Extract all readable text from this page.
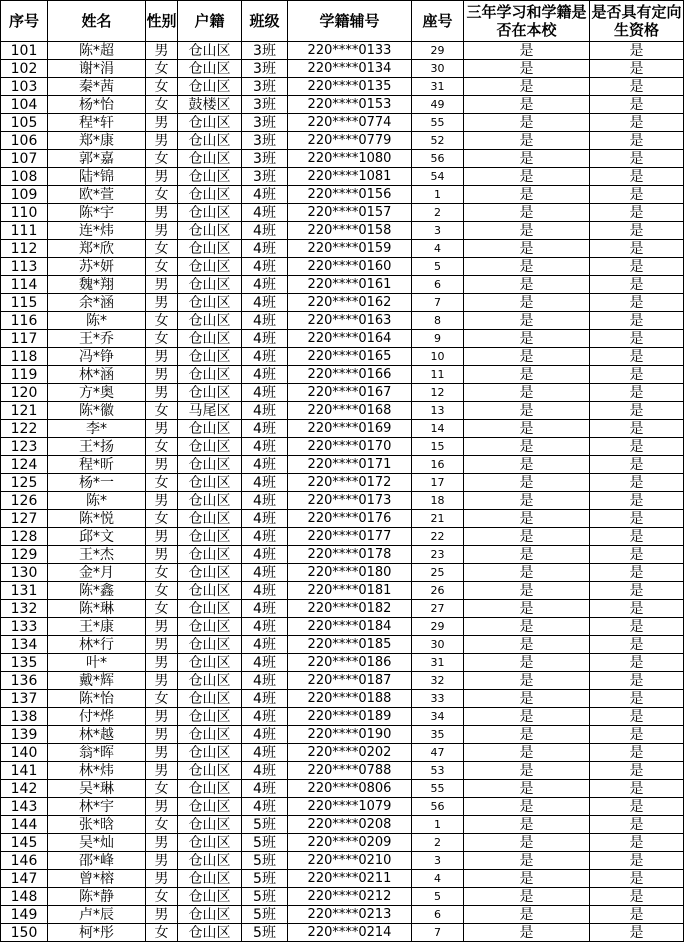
序号	姓名	性别	户籍	班级	学籍辅号	座号	三年学习和学籍是否在本校	是否具有定向生资格
101	陈*超	男	仓山区	3班	220****0133	29	是	是
102	谢*涓	女	仓山区	3班	220****0134	30	是	是
103	秦*茜	女	仓山区	3班	220****0135	31	是	是
104	杨*怡	女	鼓楼区	3班	220****0153	49	是	是
105	程*轩	男	仓山区	3班	220****0774	55	是	是
106	郑*康	男	仓山区	3班	220****0779	52	是	是
107	郭*嘉	女	仓山区	3班	220****1080	56	是	是
108	陆*锦	男	仓山区	3班	220****1081	54	是	是
109	欧*萱	女	仓山区	4班	220****0156	1	是	是
110	陈*宇	男	仓山区	4班	220****0157	2	是	是
111	连*炜	男	仓山区	4班	220****0158	3	是	是
112	郑*欣	女	仓山区	4班	220****0159	4	是	是
113	苏*妍	女	仓山区	4班	220****0160	5	是	是
114	魏*翔	男	仓山区	4班	220****0161	6	是	是
115	余*涵	男	仓山区	4班	220****0162	7	是	是
116	陈*	女	仓山区	4班	220****0163	8	是	是
117	王*乔	女	仓山区	4班	220****0164	9	是	是
118	冯*铮	男	仓山区	4班	220****0165	10	是	是
119	林*涵	男	仓山区	4班	220****0166	11	是	是
120	方*奥	男	仓山区	4班	220****0167	12	是	是
121	陈*徽	女	马尾区	4班	220****0168	13	是	是
122	李*	男	仓山区	4班	220****0169	14	是	是
123	王*扬	女	仓山区	4班	220****0170	15	是	是
124	程*昕	男	仓山区	4班	220****0171	16	是	是
125	杨*一	女	仓山区	4班	220****0172	17	是	是
126	陈*	男	仓山区	4班	220****0173	18	是	是
127	陈*悦	女	仓山区	4班	220****0176	21	是	是
128	邱*文	男	仓山区	4班	220****0177	22	是	是
129	王*杰	男	仓山区	4班	220****0178	23	是	是
130	金*月	女	仓山区	4班	220****0180	25	是	是
131	陈*鑫	女	仓山区	4班	220****0181	26	是	是
132	陈*琳	女	仓山区	4班	220****0182	27	是	是
133	王*康	男	仓山区	4班	220****0184	29	是	是
134	林*行	男	仓山区	4班	220****0185	30	是	是
135	叶*	男	仓山区	4班	220****0186	31	是	是
136	戴*辉	男	仓山区	4班	220****0187	32	是	是
137	陈*怡	女	仓山区	4班	220****0188	33	是	是
138	付*烨	男	仓山区	4班	220****0189	34	是	是
139	林*越	男	仓山区	4班	220****0190	35	是	是
140	翁*晖	男	仓山区	4班	220****0202	47	是	是
141	林*炜	男	仓山区	4班	220****0788	53	是	是
142	吴*琳	女	仓山区	4班	220****0806	55	是	是
143	林*宇	男	仓山区	4班	220****1079	56	是	是
144	张*晗	女	仓山区	5班	220****0208	1	是	是
145	吴*灿	男	仓山区	5班	220****0209	2	是	是
146	邵*峰	男	仓山区	5班	220****0210	3	是	是
147	曾*榕	男	仓山区	5班	220****0211	4	是	是
148	陈*静	女	仓山区	5班	220****0212	5	是	是
149	卢*辰	男	仓山区	5班	220****0213	6	是	是
150	柯*彤	女	仓山区	5班	220****0214	7	是	是
